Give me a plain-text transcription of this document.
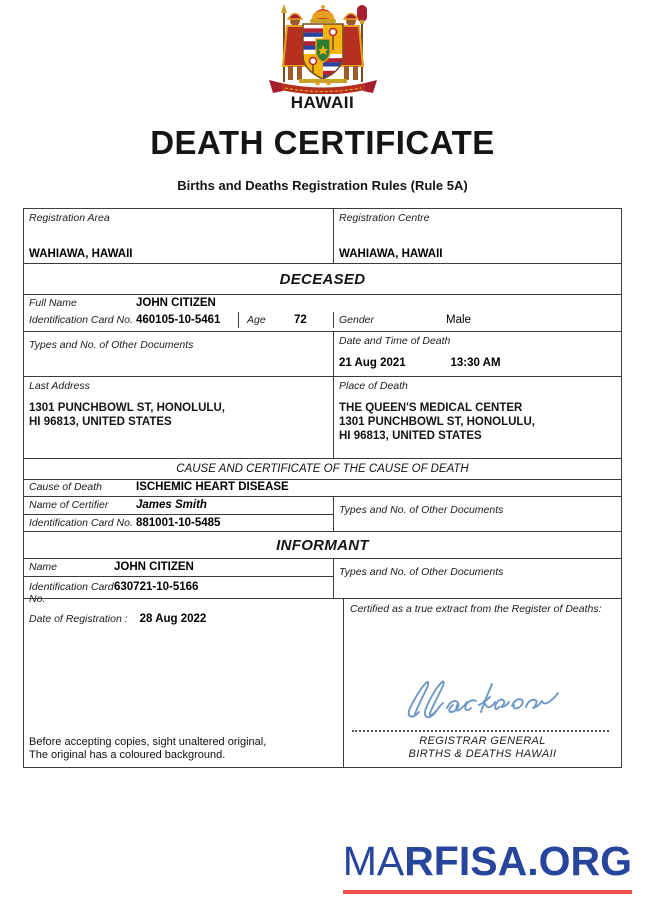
HAWAII
DEATH CERTIFICATE
Births and Deaths Registration Rules (Rule 5A)
Registration Area
WAHIAWA, HAWAII
Registration Centre
WAHIAWA, HAWAII
DECEASED
Full Name	JOHN CITIZEN
Identification Card No. 460105-10-5461	Age	72	Gender	Male
Types and No. of Other Documents	Date and Time of Death
21 Aug 2021	13:30 AM
Last Address
1301 PUNCHBOWL ST, HONOLULU,
HI 96813, UNITED STATES
Place of Death
THE QUEEN'S MEDICAL CENTER
1301 PUNCHBOWL ST, HONOLULU,
HI 96813, UNITED STATES
CAUSE AND CERTIFICATE OF THE CAUSE OF DEATH
Cause of Death	ISCHEMIC HEART DISEASE
Name of Certifier	James Smith
Identification Card No. 881001-10-5485
Types and No. of Other Documents
INFORMANT
Name	JOHN CITIZEN
Identification Card No.
630721-10-5166
Types and No. of Other Documents
Date of Registration : 28 Aug 2022
Before accepting copies, sight unaltered original,
The original has a coloured background.
Certified as a true extract from the Register of Deaths:
REGISTRAR GENERAL
BIRTHS & DEATHS HAWAII
MARFISA.ORG
